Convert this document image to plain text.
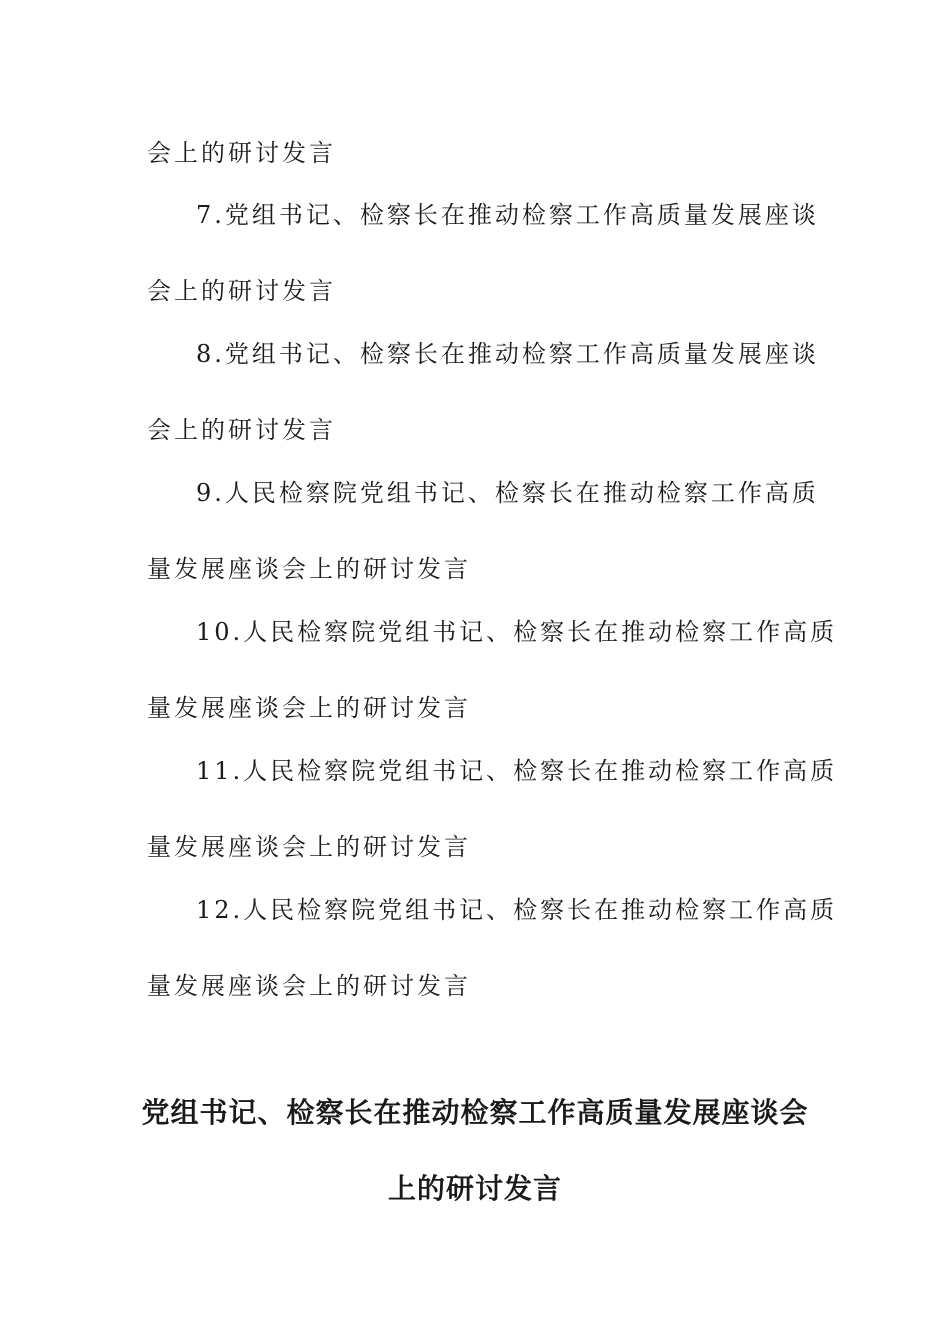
会上的研讨发言
7.党组书记、检察长在推动检察工作高质量发展座谈
会上的研讨发言
8.党组书记、检察长在推动检察工作高质量发展座谈
会上的研讨发言
9.人民检察院党组书记、检察长在推动检察工作高质
量发展座谈会上的研讨发言
10.人民检察院党组书记、检察长在推动检察工作高质
量发展座谈会上的研讨发言
11.人民检察院党组书记、检察长在推动检察工作高质
量发展座谈会上的研讨发言
12.人民检察院党组书记、检察长在推动检察工作高质
量发展座谈会上的研讨发言
党组书记、检察长在推动检察工作高质量发展座谈会
上的研讨发言
